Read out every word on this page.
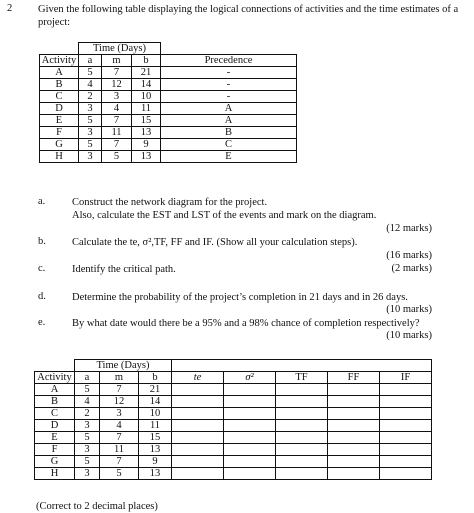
2 Given the following table displaying the logical connections of activities and the time estimates of a project:
	Time (Days)			
Activity	a	m	b	Precedence
A	5	7	21	-
B	4	12	14	-
C	2	3	10	-
D	3	4	11	A
E	5	7	15	A
F	3	11	13	B
G	5	7	9	C
H	3	5	13	E
a.	Construct the network diagram for the project.
Also, calculate the EST and LST of the events and mark on the diagram.
(12 marks)
b. Calculate the te, σ²,TF, FF and IF. (Show all your calculation steps).
(16 marks)
c.	Identify the critical path.	(2 marks)
d. Determine the probability of the project’s completion in 21 days and in 26 days.
(10 marks)
e.	By what date would there be a 95% and a 98% chance of completion respectively?
(10 marks)
	Time (Days)							
Activity	a	m	b	te	σ²	TF	FF	IF
A	5	7	21					
B	4	12	14					
C	2	3	10					
D	3	4	11					
E	5	7	15					
F	3	11	13					
G	5	7	9					
H	3	5	13					
(Correct to 2 decimal places)
